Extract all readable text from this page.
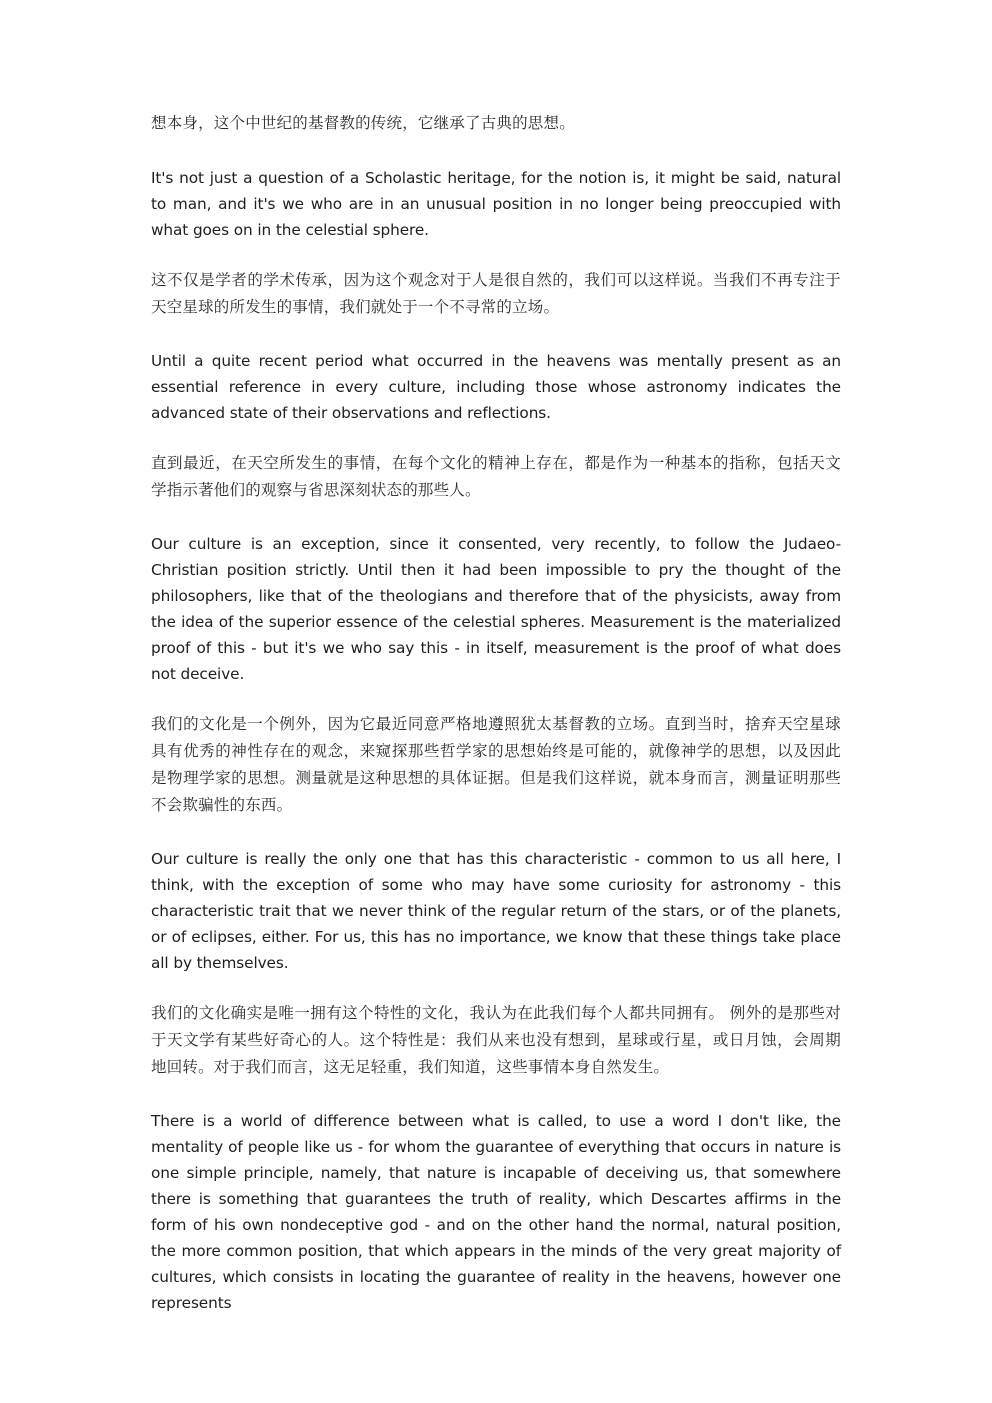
想本身，这个中世纪的基督教的传统，它继承了古典的思想。

It's not just a question of a Scholastic heritage, for the notion is, it might be said, natural to man, and it's we who are in an unusual position in no longer being preoccupied with what goes on in the celestial sphere.

这不仅是学者的学术传承，因为这个观念对于人是很自然的，我们可以这样说。当我们不再专注于天空星球的所发生的事情，我们就处于一个不寻常的立场。

Until a quite recent period what occurred in the heavens was mentally present as an essential reference in every culture, including those whose astronomy indicates the advanced state of their observations and reflections.

直到最近，在天空所发生的事情，在每个文化的精神上存在，都是作为一种基本的指称，包括天文学指示著他们的观察与省思深刻状态的那些人。

Our culture is an exception, since it consented, very recently, to follow the Judaeo-Christian position strictly. Until then it had been impossible to pry the thought of the philosophers, like that of the theologians and therefore that of the physicists, away from the idea of the superior essence of the celestial spheres. Measurement is the materialized proof of this - but it's we who say this - in itself, measurement is the proof of what does not deceive.

我们的文化是一个例外，因为它最近同意严格地遵照犹太基督教的立场。直到当时，捨弃天空星球具有优秀的神性存在的观念，来窥探那些哲学家的思想始终是可能的，就像神学的思想，以及因此是物理学家的思想。测量就是这种思想的具体证据。但是我们这样说，就本身而言，测量证明那些不会欺骗性的东西。

Our culture is really the only one that has this characteristic - common to us all here, I think, with the exception of some who may have some curiosity for astronomy - this characteristic trait that we never think of the regular return of the stars, or of the planets, or of eclipses, either. For us, this has no importance, we know that these things take place all by themselves.

我们的文化确实是唯一拥有这个特性的文化，我认为在此我们每个人都共同拥有。 例外的是那些对于天文学有某些好奇心的人。这个特性是：我们从来也没有想到，星球或行星，或日月蚀，会周期地回转。对于我们而言，这无足轻重，我们知道，这些事情本身自然发生。

There is a world of difference between what is called, to use a word I don't like, the mentality of people like us - for whom the guarantee of everything that occurs in nature is one simple principle, namely, that nature is incapable of deceiving us, that somewhere there is something that guarantees the truth of reality, which Descartes affirms in the form of his own nondeceptive god - and on the other hand the normal, natural position, the more common position, that which appears in the minds of the very great majority of cultures, which consists in locating the guarantee of reality in the heavens, however one represents
